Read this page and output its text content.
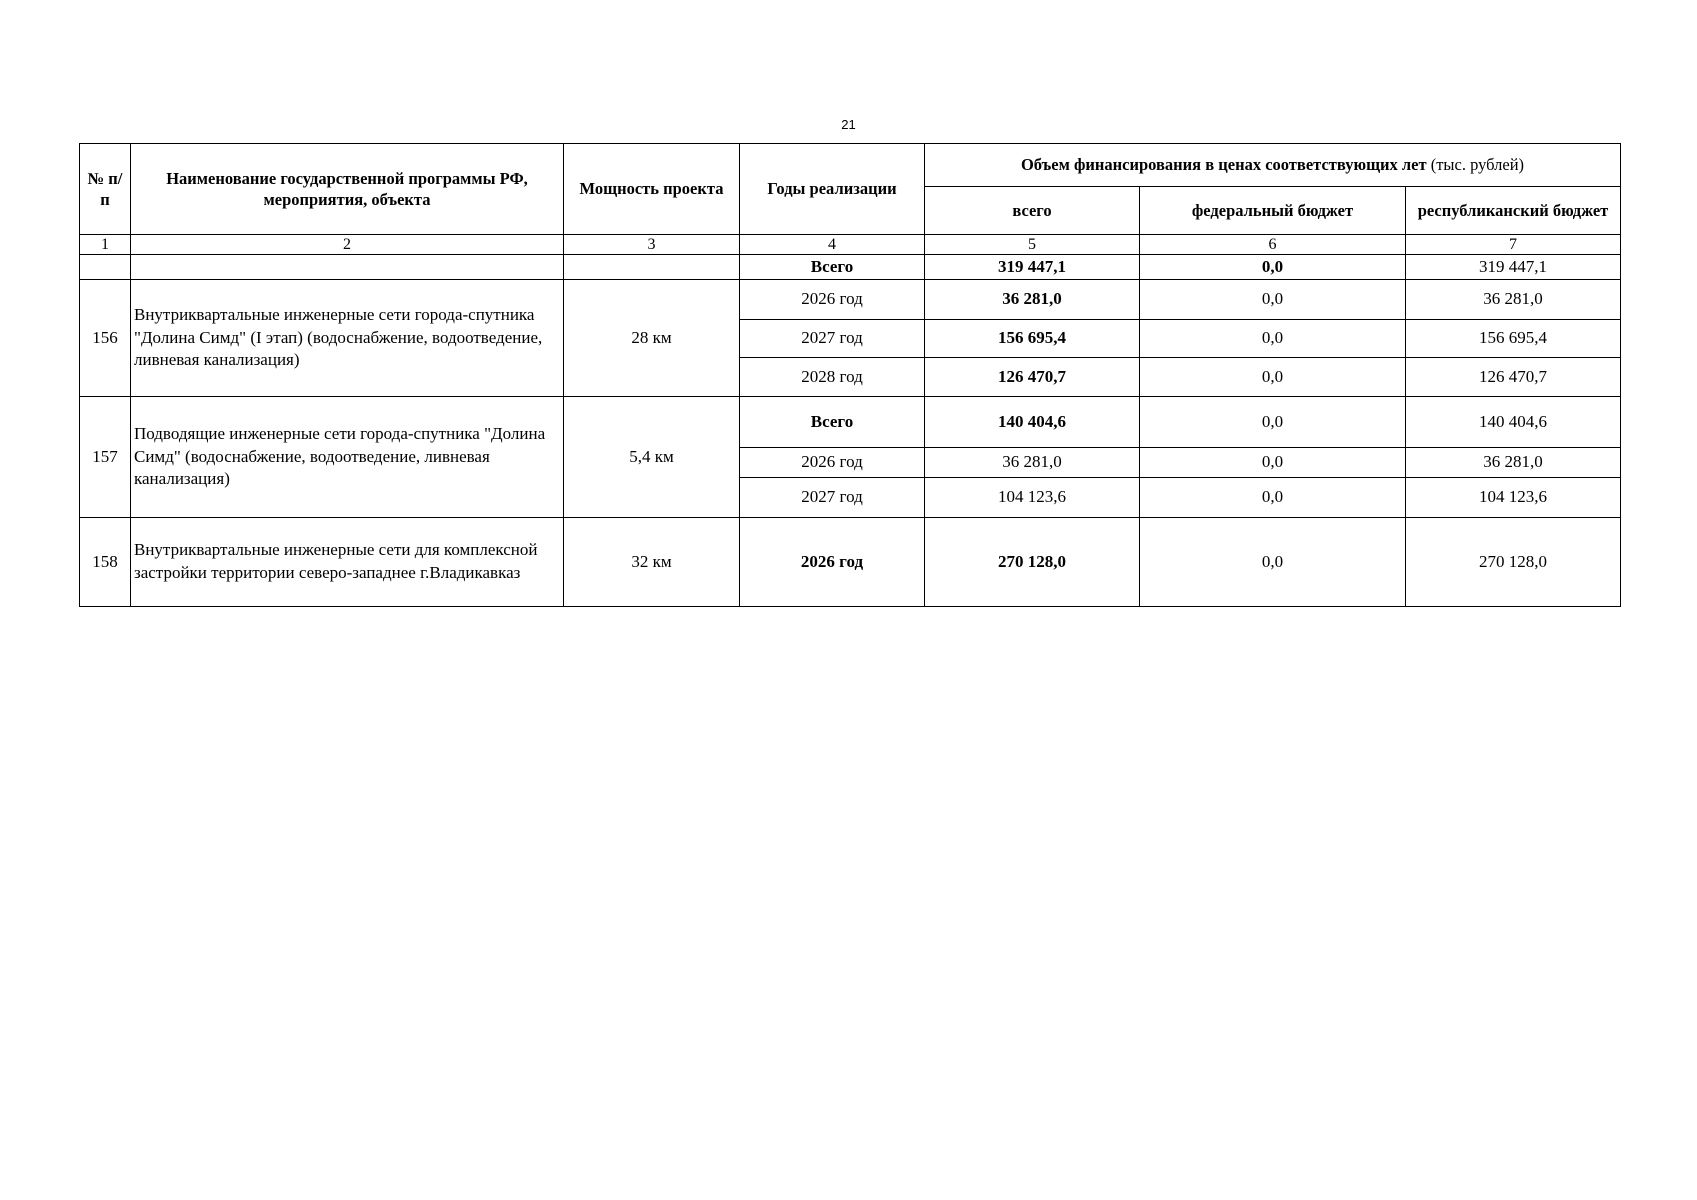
21
№ п/п	Наименование государственной программы РФ, мероприятия, объекта	Мощность проекта	Годы реализации	Объем финансирования в ценах соответствующих лет (тыс. рублей)		
				всего	федеральный бюджет	республиканский бюджет
1	2	3	4	5	6	7
			Всего	319 447,1	0,0	319 447,1
156	Внутриквартальные инженерные сети города-спутника "Долина Симд" (I этап) (водоснабжение, водоотведение, ливневая канализация)	28 км	2026 год	36 281,0	0,0	36 281,0
			2027 год	156 695,4	0,0	156 695,4
			2028 год	126 470,7	0,0	126 470,7
157	Подводящие инженерные сети города-спутника "Долина Симд" (водоснабжение, водоотведение, ливневая канализация)	5,4 км	Всего	140 404,6	0,0	140 404,6
			2026 год	36 281,0	0,0	36 281,0
			2027 год	104 123,6	0,0	104 123,6
158	Внутриквартальные инженерные сети для комплексной застройки территории северо-западнее г.Владикавказ	32 км	2026 год	270 128,0	0,0	270 128,0
